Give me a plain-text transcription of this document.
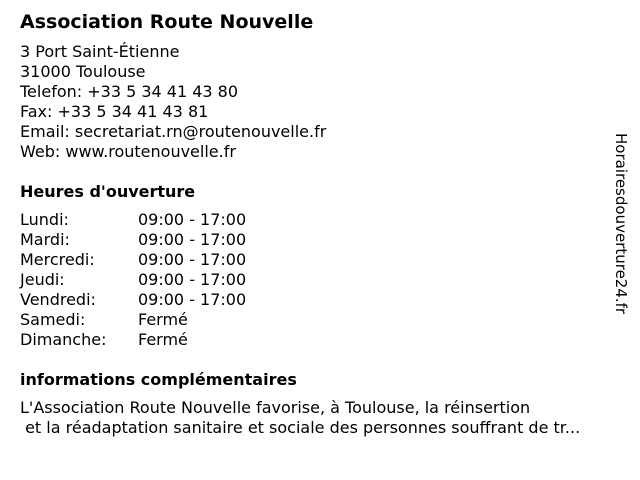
Association Route Nouvelle
3 Port Saint-Étienne
31000 Toulouse
Telefon: +33 5 34 41 43 80
Fax: +33 5 34 41 43 81
Email: secretariat.rn@routenouvelle.fr
Web: www.routenouvelle.fr
Heures d'ouverture
Lundi:	09:00 - 17:00
Mardi:	09:00 - 17:00
Mercredi:	09:00 - 17:00
Jeudi:	09:00 - 17:00
Vendredi:	09:00 - 17:00
Samedi:	Fermé
Dimanche:	Fermé
informations complémentaires
L'Association Route Nouvelle favorise, à Toulouse, la réinsertion
et la réadaptation sanitaire et sociale des personnes souffrant de tr...
Horairesdouverture24.fr
